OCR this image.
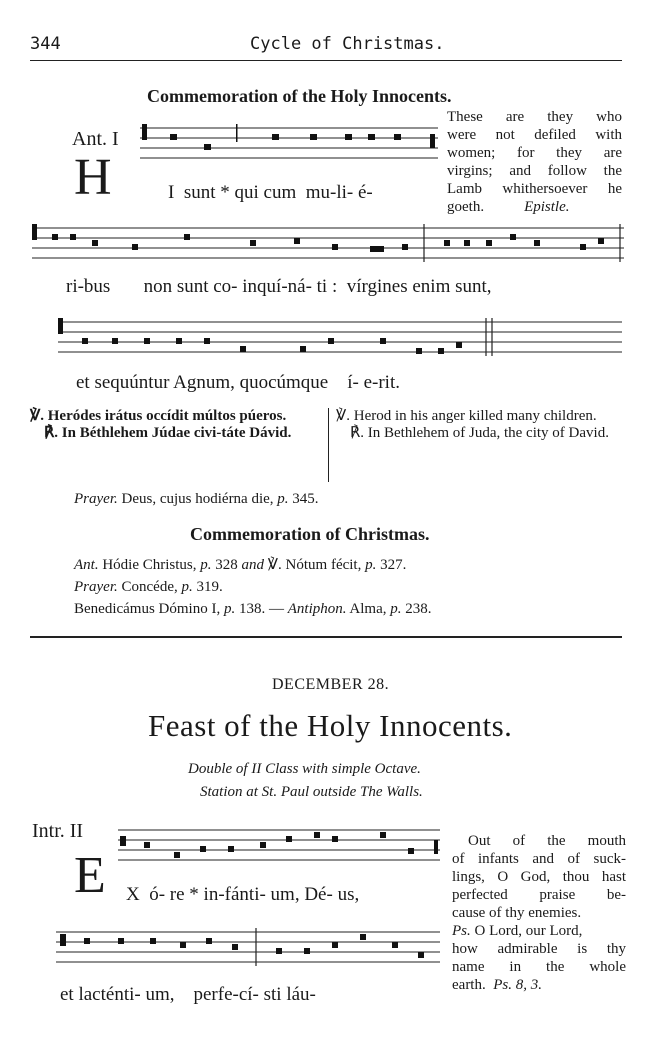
344	Cycle of Christmas.
Commemoration of the Holy Innocents.
Ant. I
H	I  sunt * qui cum  mu-li- é-
These are they who
were not defiled with
women; for they are
virgins; and follow the
Lamb whithersoever he
goeth.	Epistle.
ri-bus       non sunt co- inquí-ná- ti :  vírgines enim sunt,
et sequúntur Agnum, quocúmque    í- e-rit.
℣. Heródes irátus occídit múltos púeros.
℟. In Béthlehem Júdae civi-táte Dávid.
℣. Herod in his anger killed many children.
℟. In Bethlehem of Juda, the city of David.
Prayer. Deus, cujus hodiérna die, p. 345.
Commemoration of Christmas.
Ant. Hódie Christus, p. 328 and ℣. Nótum fécit, p. 327.
Prayer. Concéde, p. 319.
Benedicámus Dómino I, p. 138. — Antiphon. Alma, p. 238.
DECEMBER 28.
Feast of the Holy Innocents.
Double of II Class with simple Octave.
Station at St. Paul outside The Walls.
Intr. II
E X  ó- re * in-fánti- um, Dé- us,
Out of the mouth
of infants and of suck-
lings, O God, thou hast
perfected praise be-
cause of thy enemies.
Ps. O Lord, our Lord,
how admirable is thy
name in the whole
earth. Ps. 8, 3.
et lacténti- um,    perfe-cí- sti láu-
